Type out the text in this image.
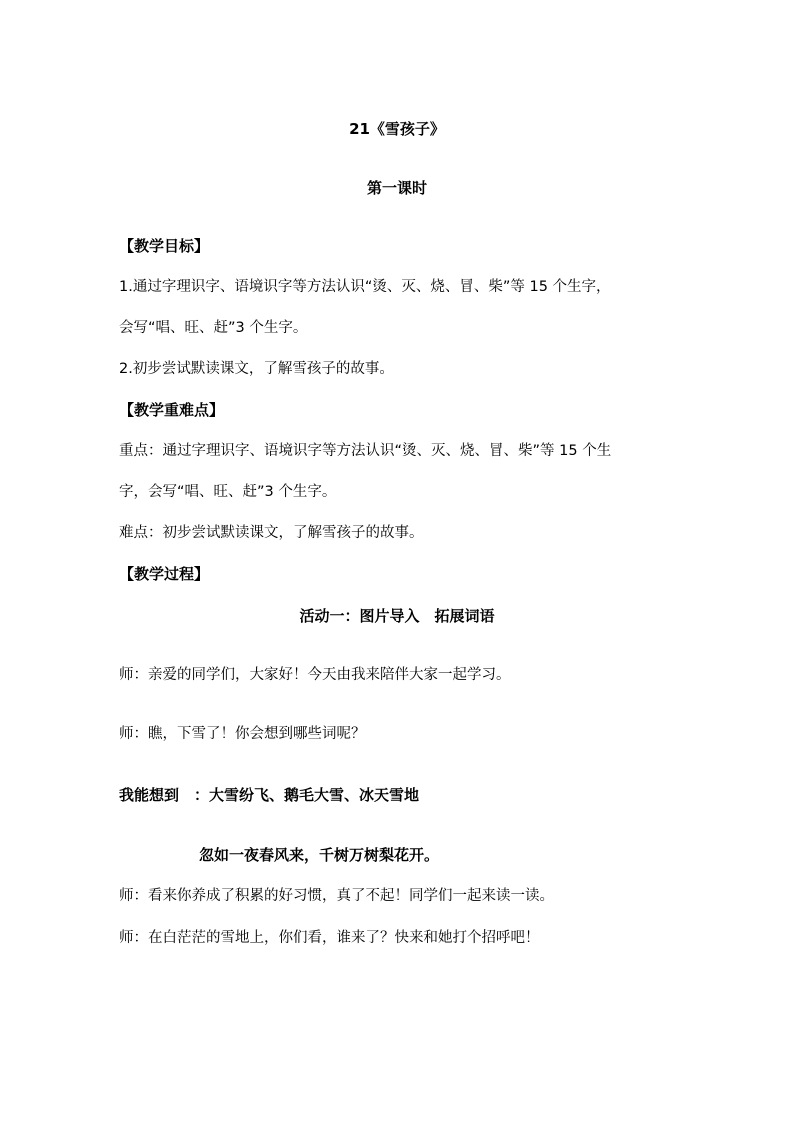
21《雪孩子》
第一课时
【教学目标】
1.通过字理识字、语境识字等方法认识“烫、灭、烧、冒、柴”等 15 个生字，
会写“唱、旺、赶”3 个生字。
2.初步尝试默读课文，了解雪孩子的故事。
【教学重难点】
重点：通过字理识字、语境识字等方法认识“烫、灭、烧、冒、柴”等 15 个生
字，会写“唱、旺、赶”3 个生字。
难点：初步尝试默读课文，了解雪孩子的故事。
【教学过程】
活动一：图片导入　拓展词语
师：亲爱的同学们，大家好！今天由我来陪伴大家一起学习。
师：瞧，下雪了！你会想到哪些词呢？
我能想到　：大雪纷飞、鹅毛大雪、冰天雪地
忽如一夜春风来，千树万树梨花开。
师：看来你养成了积累的好习惯，真了不起！同学们一起来读一读。
师：在白茫茫的雪地上，你们看，谁来了？快来和她打个招呼吧！
